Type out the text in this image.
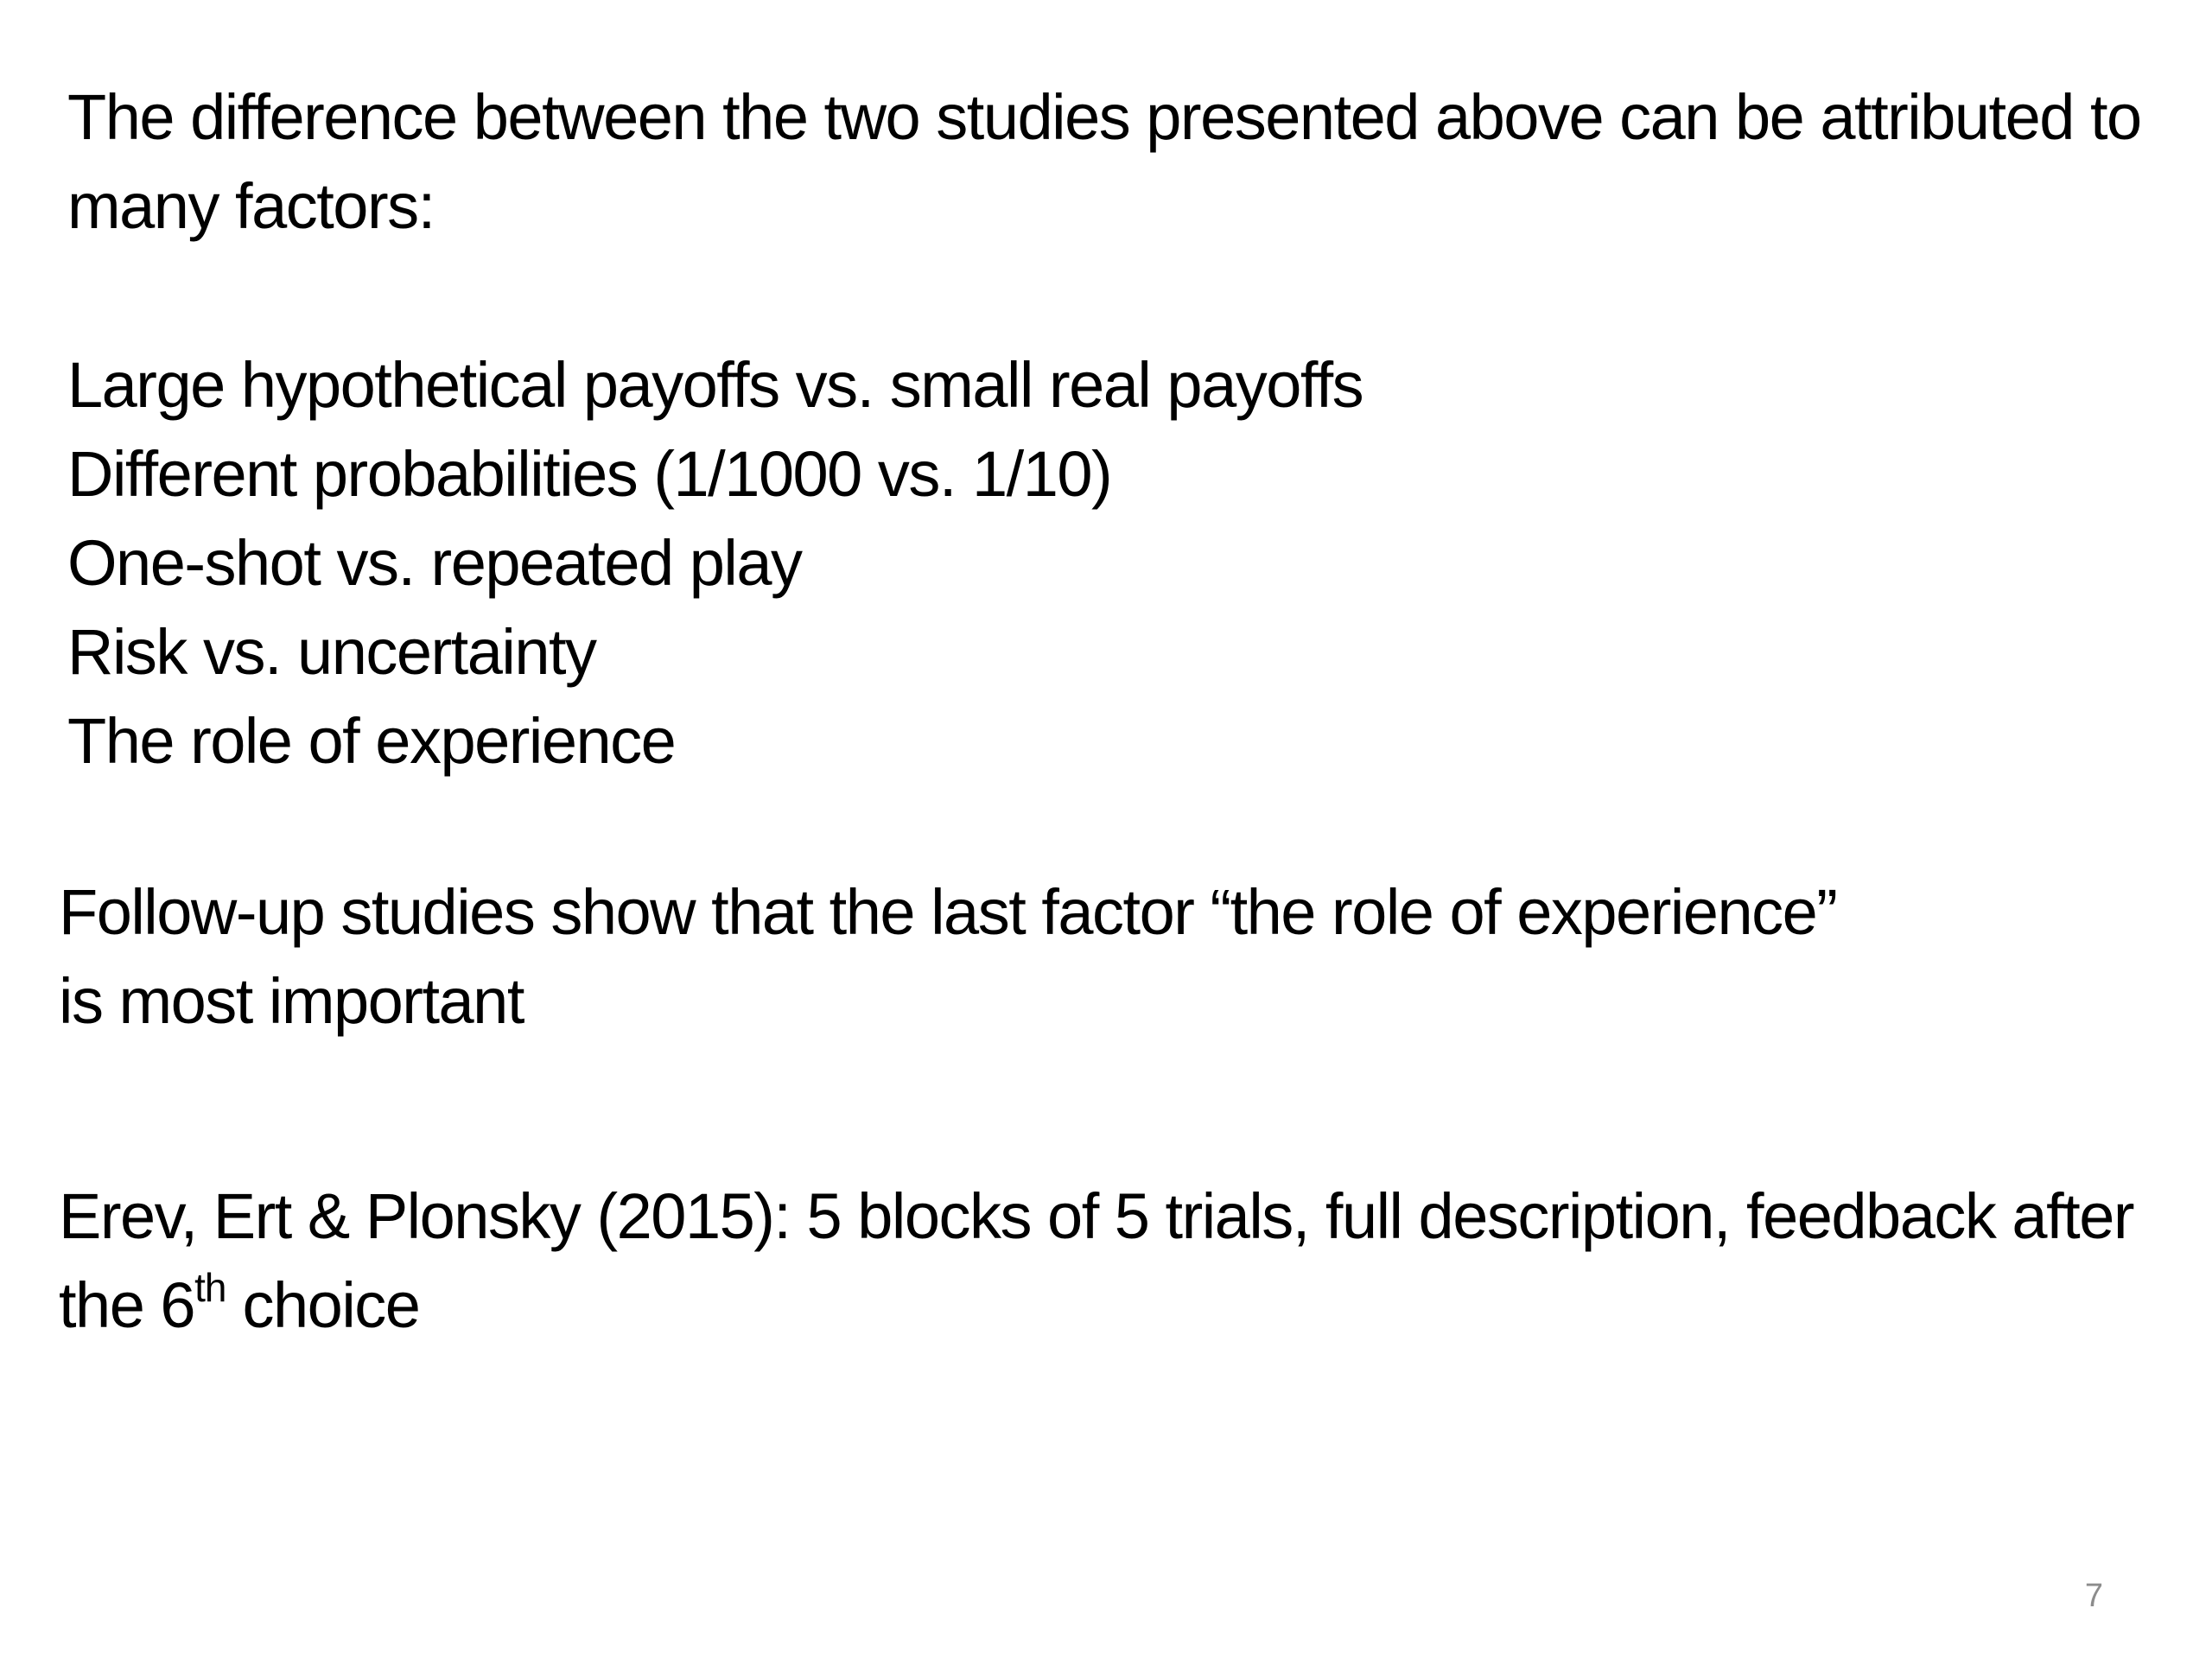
The difference between the two studies presented above can be attributed to
many factors:
Large hypothetical payoffs vs. small real payoffs
Different probabilities (1/1000 vs. 1/10)
One-shot vs. repeated play
Risk vs. uncertainty
The role of experience
Follow-up studies show that the last factor “the role of experience”
is most important
Erev, Ert & Plonsky (2015): 5 blocks of 5 trials, full description, feedback after
the 6th choice
7
